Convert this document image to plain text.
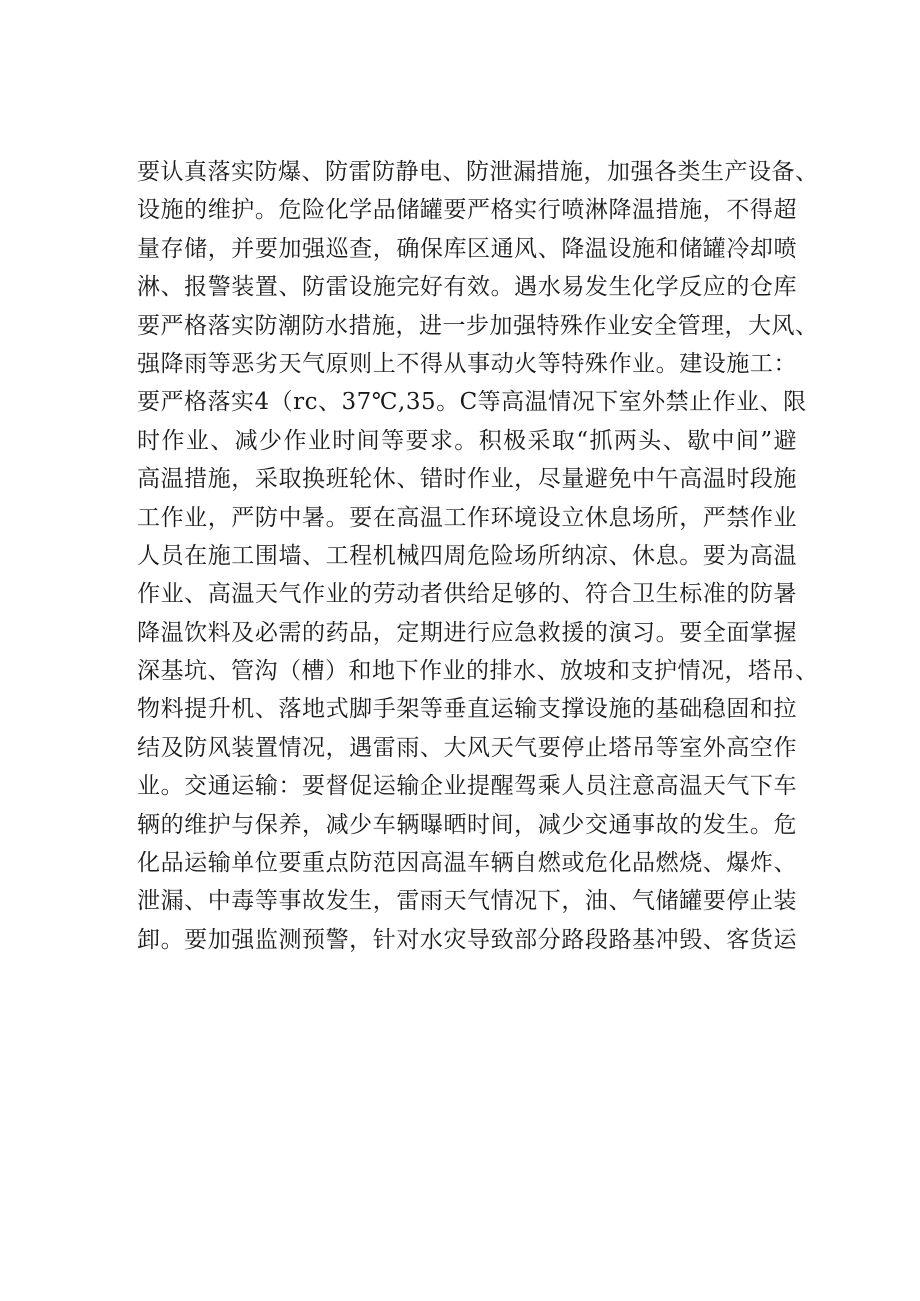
要认真落实防爆、防雷防静电、防泄漏措施，加强各类生产设备、
设施的维护。危险化学品储罐要严格实行喷淋降温措施，不得超
量存储，并要加强巡查，确保库区通风、降温设施和储罐冷却喷
淋、报警装置、防雷设施完好有效。遇水易发生化学反应的仓库
要严格落实防潮防水措施，进一步加强特殊作业安全管理，大风、
强降雨等恶劣天气原则上不得从事动火等特殊作业。建设施工：
要严格落实4（rc、37℃,35。C等高温情况下室外禁止作业、限
时作业、减少作业时间等要求。积极采取“抓两头、歇中间”避
高温措施，采取换班轮休、错时作业，尽量避免中午高温时段施
工作业，严防中暑。要在高温工作环境设立休息场所，严禁作业
人员在施工围墙、工程机械四周危险场所纳凉、休息。要为高温
作业、高温天气作业的劳动者供给足够的、符合卫生标准的防暑
降温饮料及必需的药品，定期进行应急救援的演习。要全面掌握
深基坑、管沟（槽）和地下作业的排水、放坡和支护情况，塔吊、
物料提升机、落地式脚手架等垂直运输支撑设施的基础稳固和拉
结及防风装置情况，遇雷雨、大风天气要停止塔吊等室外高空作
业。交通运输：要督促运输企业提醒驾乘人员注意高温天气下车
辆的维护与保养，减少车辆曝晒时间，减少交通事故的发生。危
化品运输单位要重点防范因高温车辆自燃或危化品燃烧、爆炸、
泄漏、中毒等事故发生，雷雨天气情况下，油、气储罐要停止装
卸。要加强监测预警，针对水灾导致部分路段路基冲毁、客货运
